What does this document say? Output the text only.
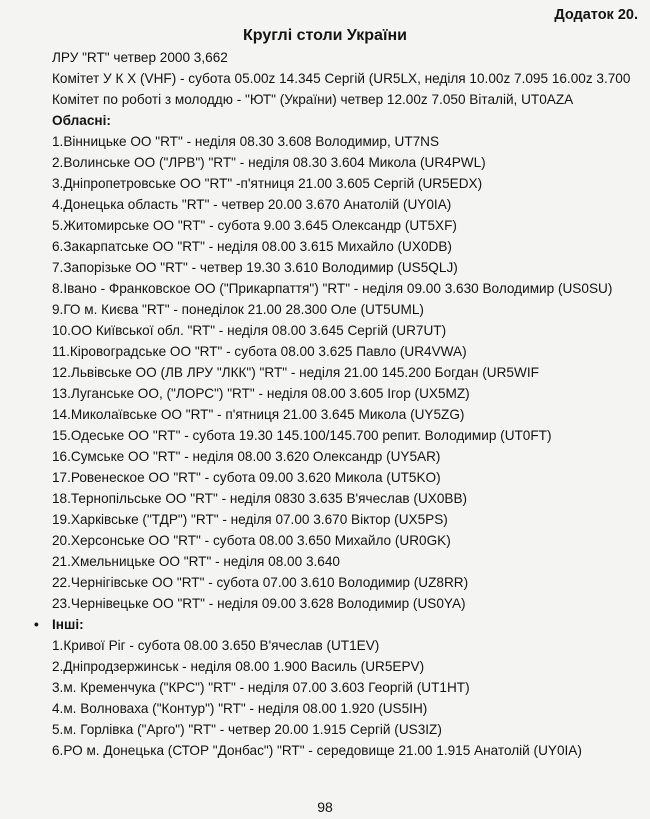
Додаток 20.
Круглі столи України
ЛРУ "RT" четвер 2000 3,662
Комітет У К Х (VHF) - субота 05.00z 14.345 Сергій (UR5LX, неділя 10.00z 7.095 16.00z 3.700
Комітет по роботі з молоддю - "ЮТ" (України) четвер 12.00z 7.050 Віталій, UT0AZA
Обласні:
1.Вінницьке ОО "RT" - неділя 08.30 3.608 Володимир, UT7NS
2.Волинське ОО ("ЛРВ") "RT" - неділя 08.30 3.604 Микола (UR4PWL)
3.Дніпропетровське ОО "RT" -п'ятниця 21.00 3.605 Сергій (UR5EDX)
4.Донецька область "RT" - четвер 20.00 3.670 Анатолій (UY0IA)
5.Житомирське ОО "RT" - субота 9.00 3.645 Олександр (UT5XF)
6.Закарпатське ОО "RT" - неділя 08.00 3.615 Михайло (UX0DB)
7.Запорізьке ОО "RT" - четвер 19.30 3.610 Володимир (US5QLJ)
8.Івано - Франковское ОО ("Прикарпаття") "RT" - неділя 09.00 3.630 Володимир (US0SU)
9.ГО м. Києва "RT" - понеділок 21.00 28.300 Оле (UT5UML)
10.ОО Київської обл. "RT" - неділя 08.00 3.645 Сергій (UR7UT)
11.Кіровоградське ОО "RT" - субота 08.00 3.625 Павло (UR4VWA)
12.Львівське ОО (ЛВ ЛРУ "ЛКК") "RT" - неділя 21.00 145.200 Богдан (UR5WIF
13.Луганське ОО, ("ЛОРС") "RT" - неділя 08.00 3.605 Ігор (UX5MZ)
14.Миколаївське ОО "RT" - п'ятниця 21.00 3.645 Микола (UY5ZG)
15.Одеське ОО "RT" - субота 19.30 145.100/145.700 репит. Володимир (UT0FT)
16.Сумське ОО "RT" - неділя 08.00 3.620 Олександр (UY5AR)
17.Ровенеское ОО "RT" - субота 09.00 3.620 Микола (UT5KO)
18.Тернопільське ОО "RT" - неділя 0830 3.635 В'ячеслав (UX0BB)
19.Харківське ("ТДР") "RT" - неділя 07.00 3.670 Віктор (UX5PS)
20.Херсонське ОО "RT" - субота 08.00 3.650 Михайло (UR0GK)
21.Хмельницьке ОО "RT" - неділя 08.00 3.640
22.Чернігівське ОО "RT" - субота 07.00 3.610 Володимир (UZ8RR)
23.Чернівецьке ОО "RT" - неділя 09.00 3.628 Володимир (US0YA)
• Інші:
1.Кривої Ріг - субота 08.00 3.650 В'ячеслав (UT1EV)
2.Дніпродзержинськ - неділя 08.00 1.900 Василь (UR5EPV)
3.м. Кременчука ("КРС") "RT" - неділя 07.00 3.603 Георгій (UT1HT)
4.м. Волноваха ("Контур") "RT" - неділя 08.00 1.920 (US5IH)
5.м. Горлівка ("Арго") "RT" - четвер 20.00 1.915 Сергій (US3IZ)
6.РО м. Донецька (СТОР "Донбас") "RT" - середовище 21.00 1.915 Анатолій (UY0IA)
98
